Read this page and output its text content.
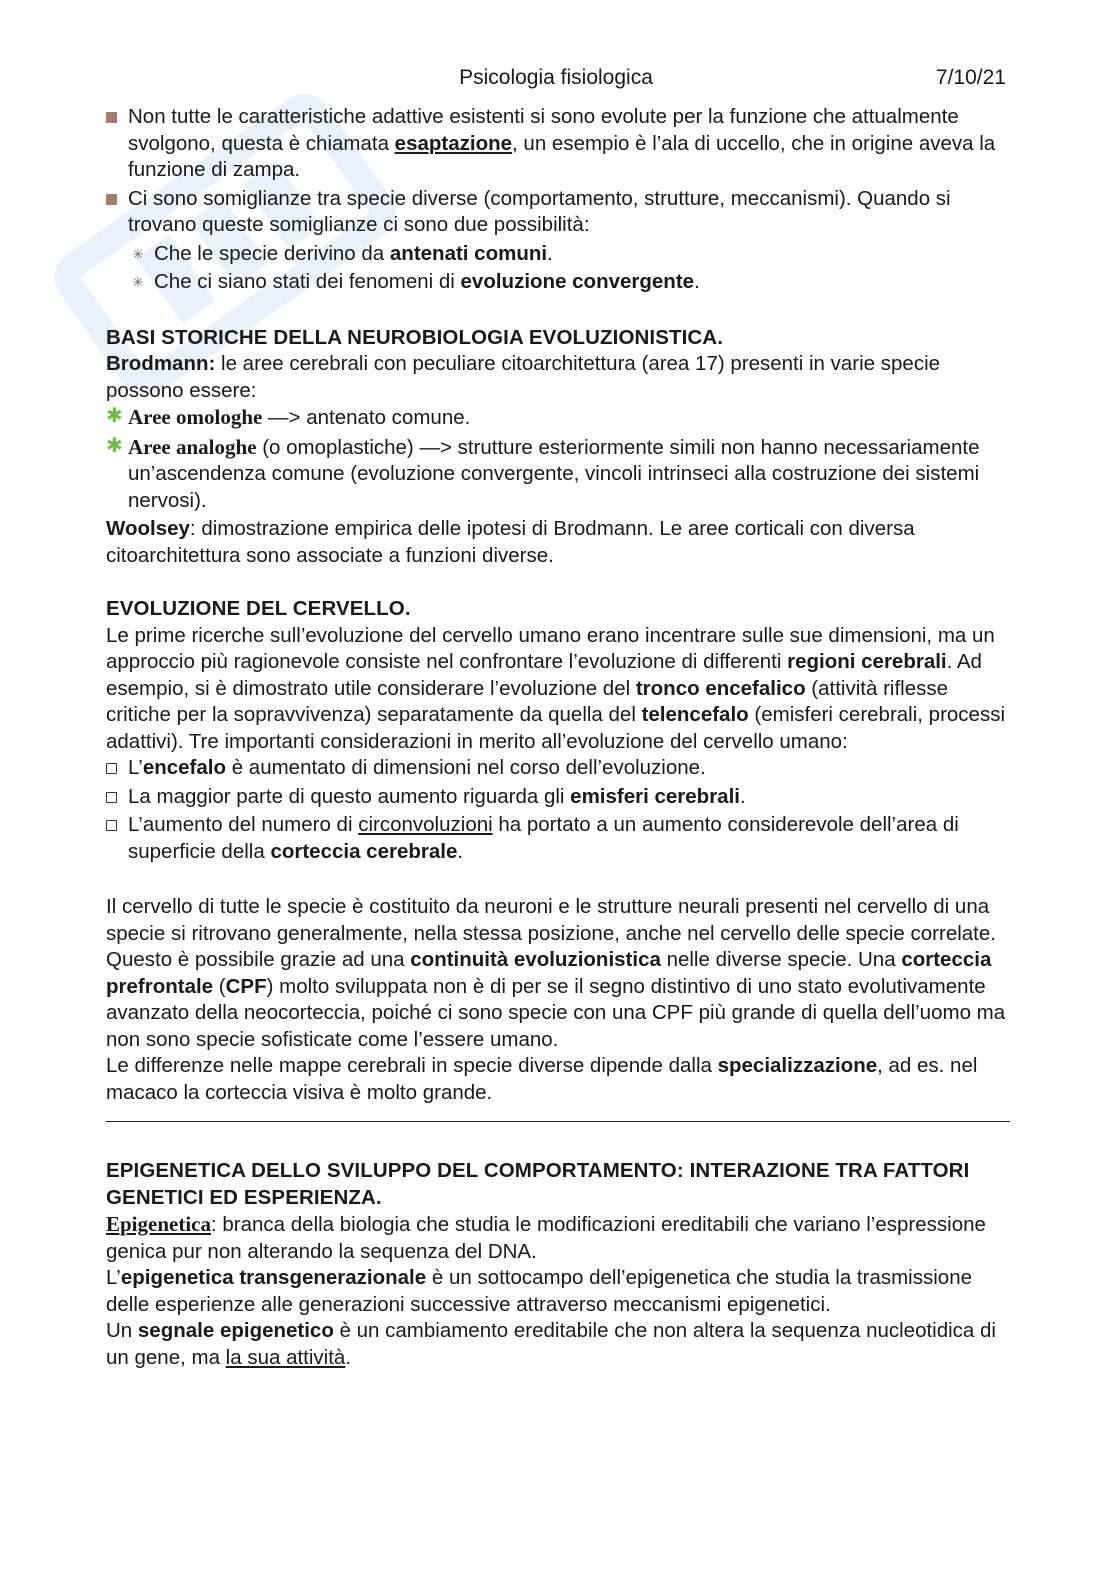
Psicologia fisiologica	7/10/21
Non tutte le caratteristiche adattive esistenti si sono evolute per la funzione che attualmente svolgono, questa è chiamata esaptazione, un esempio è l’ala di uccello, che in origine aveva la funzione di zampa.
Ci sono somiglianze tra specie diverse (comportamento, strutture, meccanismi). Quando si trovano queste somiglianze ci sono due possibilità:
✳ Che le specie derivino da antenati comuni.
✳ Che ci siano stati dei fenomeni di evoluzione convergente.

BASI STORICHE DELLA NEUROBIOLOGIA EVOLUZIONISTICA.

Brodmann: le aree cerebrali con peculiare citoarchitettura (area 17) presenti in varie specie possono essere:

✱ Aree omologhe —> antenato comune.
✱ Aree analoghe (o omoplastiche) —> strutture esteriormente simili non hanno necessariamente un’ascendenza comune (evoluzione convergente, vincoli intrinseci alla costruzione dei sistemi nervosi).

Woolsey: dimostrazione empirica delle ipotesi di Brodmann. Le aree corticali con diversa citoarchitettura sono associate a funzioni diverse.

EVOLUZIONE DEL CERVELLO.

Le prime ricerche sull’evoluzione del cervello umano erano incentrare sulle sue dimensioni, ma un approccio più ragionevole consiste nel confrontare l’evoluzione di differenti regioni cerebrali. Ad esempio, si è dimostrato utile considerare l’evoluzione del tronco encefalico (attività riflesse critiche per la sopravvivenza) separatamente da quella del telencefalo (emisferi cerebrali, processi adattivi). Tre importanti considerazioni in merito all’evoluzione del cervello umano:

L’encefalo è aumentato di dimensioni nel corso dell’evoluzione.
La maggior parte di questo aumento riguarda gli emisferi cerebrali.
L’aumento del numero di circonvoluzioni ha portato a un aumento considerevole dell’area di superficie della corteccia cerebrale.

Il cervello di tutte le specie è costituito da neuroni e le strutture neurali presenti nel cervello di una specie si ritrovano generalmente, nella stessa posizione, anche nel cervello delle specie correlate. Questo è possibile grazie ad una continuità evoluzionistica nelle diverse specie. Una corteccia prefrontale (CPF) molto sviluppata non è di per se il segno distintivo di uno stato evolutivamente avanzato della neocorteccia, poiché ci sono specie con una CPF più grande di quella dell’uomo ma non sono specie sofisticate come l’essere umano.

Le differenze nelle mappe cerebrali in specie diverse dipende dalla specializzazione, ad es. nel macaco la corteccia visiva è molto grande.

EPIGENETICA DELLO SVILUPPO DEL COMPORTAMENTO: INTERAZIONE TRA FATTORI GENETICI ED ESPERIENZA.

Epigenetica: branca della biologia che studia le modificazioni ereditabili che variano l’espressione genica pur non alterando la sequenza del DNA.

L’epigenetica transgenerazionale è un sottocampo dell’epigenetica che studia la trasmissione delle esperienze alle generazioni successive attraverso meccanismi epigenetici.

Un segnale epigenetico è un cambiamento ereditabile che non altera la sequenza nucleotidica di un gene, ma la sua attività.
